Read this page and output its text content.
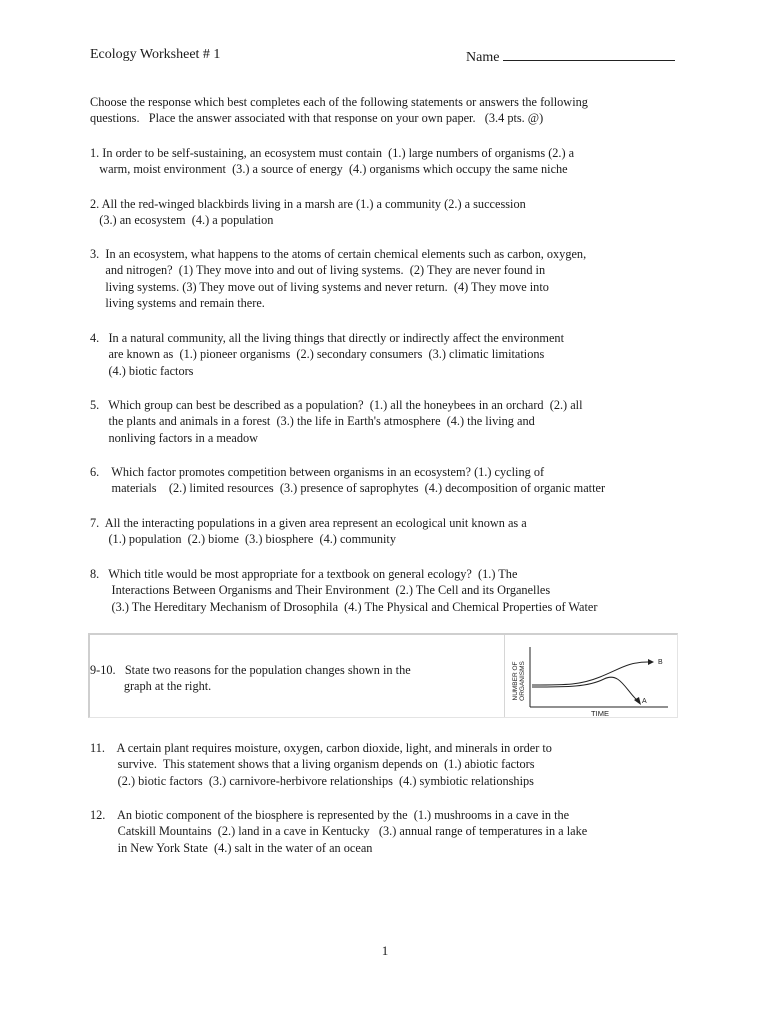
Ecology Worksheet # 1	Name
Choose the response which best completes each of the following statements or answers the following
questions.   Place the answer associated with that response on your own paper.   (3.4 pts. @)
1. In order to be self-sustaining, an ecosystem must contain  (1.) large numbers of organisms (2.) a
warm, moist environment  (3.) a source of energy  (4.) organisms which occupy the same niche
2. All the red-winged blackbirds living in a marsh are (1.) a community (2.) a succession
(3.) an ecosystem  (4.) a population
3.  In an ecosystem, what happens to the atoms of certain chemical elements such as carbon, oxygen,
and nitrogen?  (1) They move into and out of living systems.  (2) They are never found in
living systems. (3) They move out of living systems and never return.  (4) They move into
living systems and remain there.
4.   In a natural community, all the living things that directly or indirectly affect the environment
are known as  (1.) pioneer organisms  (2.) secondary consumers  (3.) climatic limitations
(4.) biotic factors
5.   Which group can best be described as a population?  (1.) all the honeybees in an orchard  (2.) all
the plants and animals in a forest  (3.) the life in Earth's atmosphere  (4.) the living and
nonliving factors in a meadow
6.    Which factor promotes competition between organisms in an ecosystem? (1.) cycling of
materials    (2.) limited resources  (3.) presence of saprophytes  (4.) decomposition of organic matter
7.  All the interacting populations in a given area represent an ecological unit known as a
(1.) population  (2.) biome  (3.) biosphere  (4.) community
8.   Which title would be most appropriate for a textbook on general ecology?  (1.) The
Interactions Between Organisms and Their Environment  (2.) The Cell and its Organelles
(3.) The Hereditary Mechanism of Drosophila  (4.) The Physical and Chemical Properties of Water
9-10.   State two reasons for the population changes shown in the
graph at the right.	NUMBER OF ORGANISMS	B
A
TIME
11.    A certain plant requires moisture, oxygen, carbon dioxide, light, and minerals in order to
survive.  This statement shows that a living organism depends on  (1.) abiotic factors
(2.) biotic factors  (3.) carnivore-herbivore relationships  (4.) symbiotic relationships
12.    An biotic component of the biosphere is represented by the  (1.) mushrooms in a cave in the
Catskill Mountains  (2.) land in a cave in Kentucky   (3.) annual range of temperatures in a lake
in New York State  (4.) salt in the water of an ocean
1
